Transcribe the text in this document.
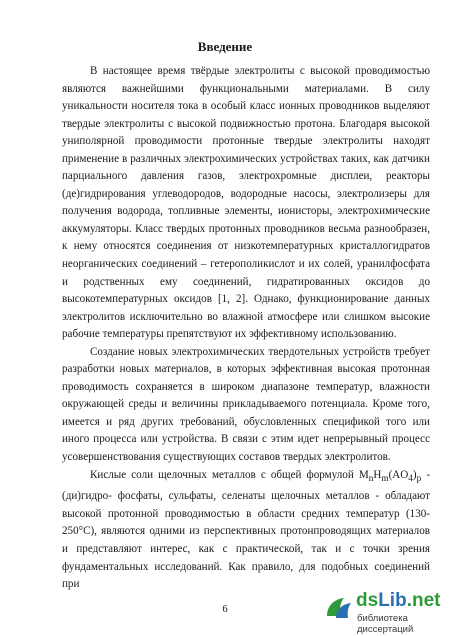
Введение

В настоящее время твёрдые электролиты с высокой проводимостью являются важнейшими функциональными материалами. В силу уникальности носителя тока в особый класс ионных проводников выделяют твердые электролиты с высокой подвижностью протона. Благодаря высокой униполярной проводимости протонные твердые электролиты находят применение в различных электрохимических устройствах таких, как датчики парциального давления газов, электрохромные дисплеи, реакторы (де)гидрирования углеводородов, водородные насосы, электролизеры для получения водорода, топливные элементы, ионисторы, электрохимические аккумуляторы. Класс твердых протонных проводников весьма разнообразен, к нему относятся соединения от низкотемпературных кристаллогидратов неорганических соединений – гетерополикислот и их солей, уранилфосфата и родственных ему соединений, гидратированных оксидов до высокотемпературных оксидов [1, 2]. Однако, функционирование данных электролитов исключительно во влажной атмосфере или слишком высокие рабочие температуры препятствуют их эффективному использованию.

Создание новых электрохимических твердотельных устройств требует разработки новых материалов, в которых эффективная высокая протонная проводимость сохраняется в широком диапазоне температур, влажности окружающей среды и величины прикладываемого потенциала. Кроме того, имеется и ряд других требований, обусловленных спецификой того или иного процесса или устройства. В связи с этим идет непрерывный процесс усовершенствования существующих составов твердых электролитов.

Кислые соли щелочных металлов с общей формулой $M_nH_m(AO_4)_p$ - (ди)гидро- фосфаты, сульфаты, селенаты щелочных металлов - обладают высокой протонной проводимостью в области средних температур (130-250°С), являются одними из перспективных протонпроводящих материалов и представляют интерес, как с практической, так и с точки зрения фундаментальных исследований. Как правило, для подобных соединений при

6	dsLib.net
библиотека диссертаций
